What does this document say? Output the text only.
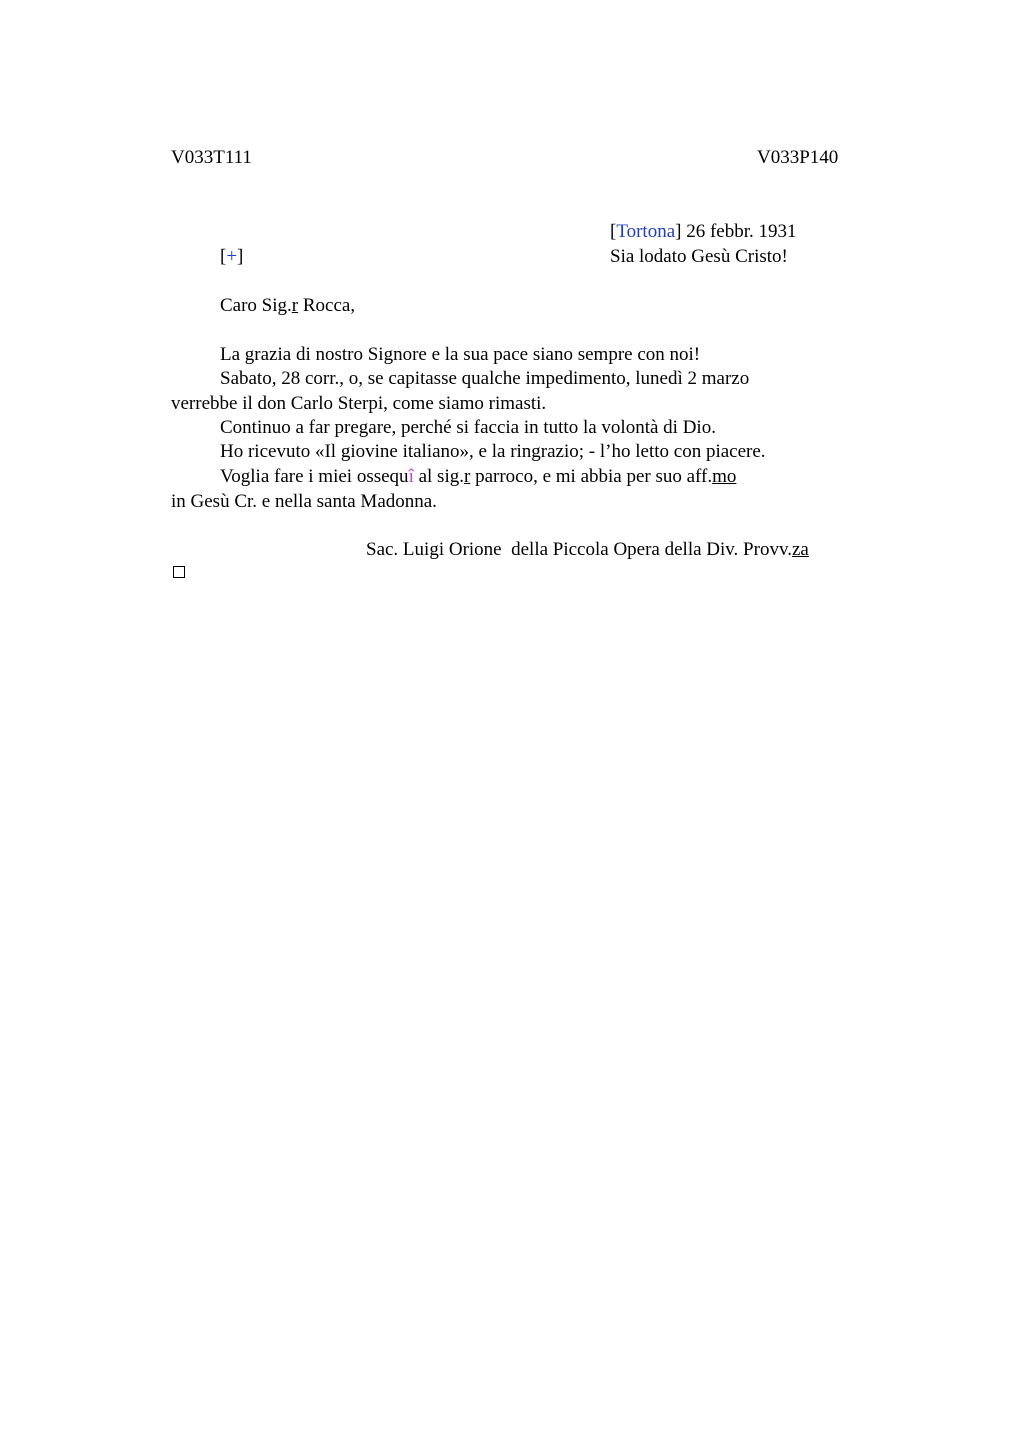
V033T111	V033P140
[Tortona] 26 febbr. 1931
[+]	Sia lodato Gesù Cristo!
Caro Sig.r Rocca,
La grazia di nostro Signore e la sua pace siano sempre con noi!
Sabato, 28 corr., o, se capitasse qualche impedimento, lunedì 2 marzo
verrebbe il don Carlo Sterpi, come siamo rimasti.
Continuo a far pregare, perché si faccia in tutto la volontà di Dio.
Ho ricevuto «Il giovine italiano», e la ringrazio; - l’ho letto con piacere.
Voglia fare i miei ossequî al sig.r parroco, e mi abbia per suo aff.mo
in Gesù Cr. e nella santa Madonna.
Sac. Luigi Orione  della Piccola Opera della Div. Provv.za
